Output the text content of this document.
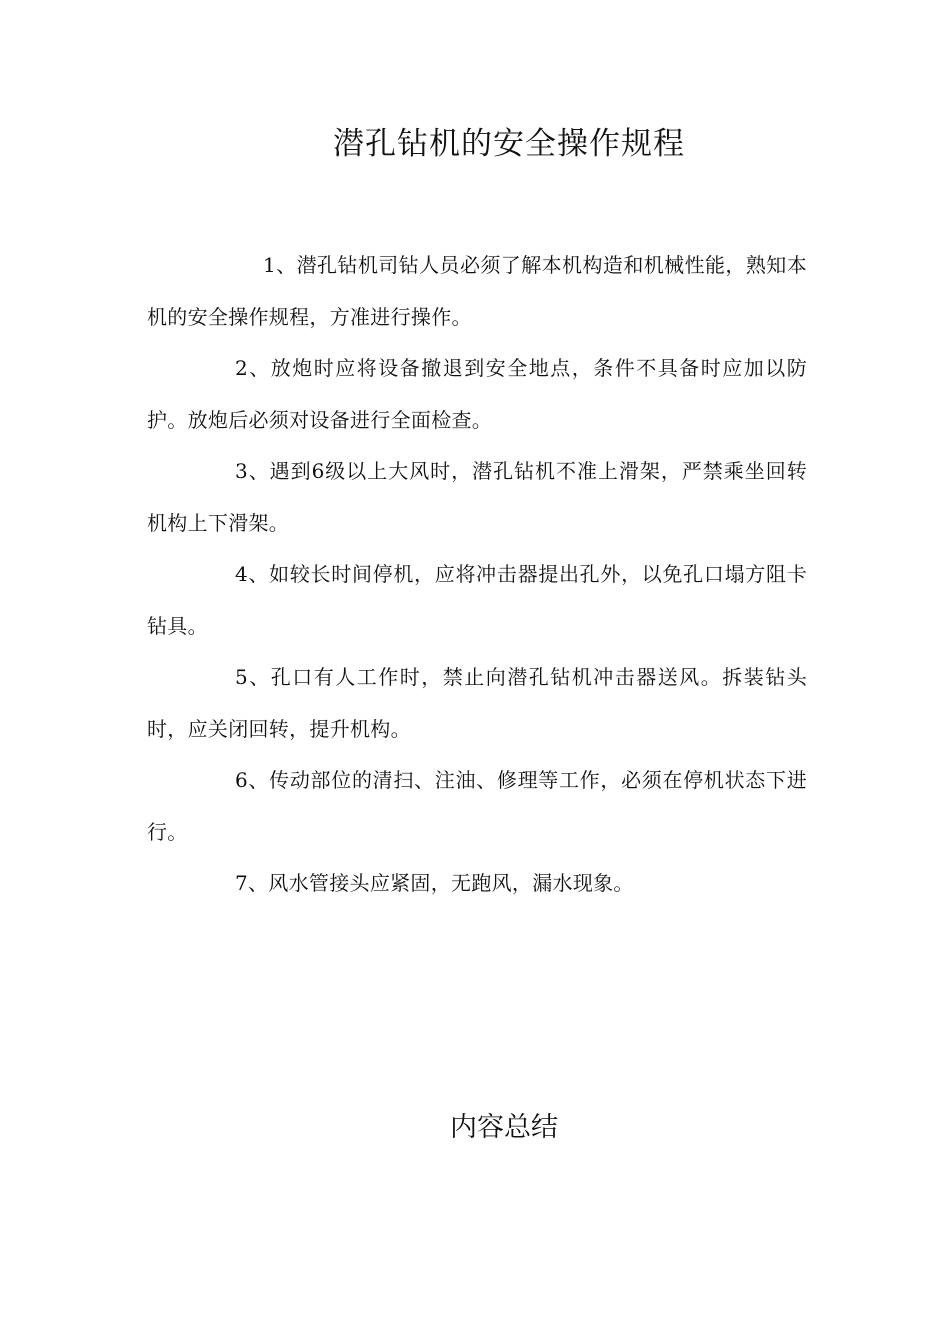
潜孔钻机的安全操作规程

1、潜孔钻机司钻人员必须了解本机构造和机械性能，熟知本机的安全操作规程，方准进行操作。

2、放炮时应将设备撤退到安全地点，条件不具备时应加以防护。放炮后必须对设备进行全面检查。

3、遇到6级以上大风时，潜孔钻机不准上滑架，严禁乘坐回转机构上下滑架。

4、如较长时间停机，应将冲击器提出孔外，以免孔口塌方阻卡钻具。

5、孔口有人工作时，禁止向潜孔钻机冲击器送风。拆装钻头时，应关闭回转，提升机构。

6、传动部位的清扫、注油、修理等工作，必须在停机状态下进行。

7、风水管接头应紧固，无跑风，漏水现象。

内容总结
